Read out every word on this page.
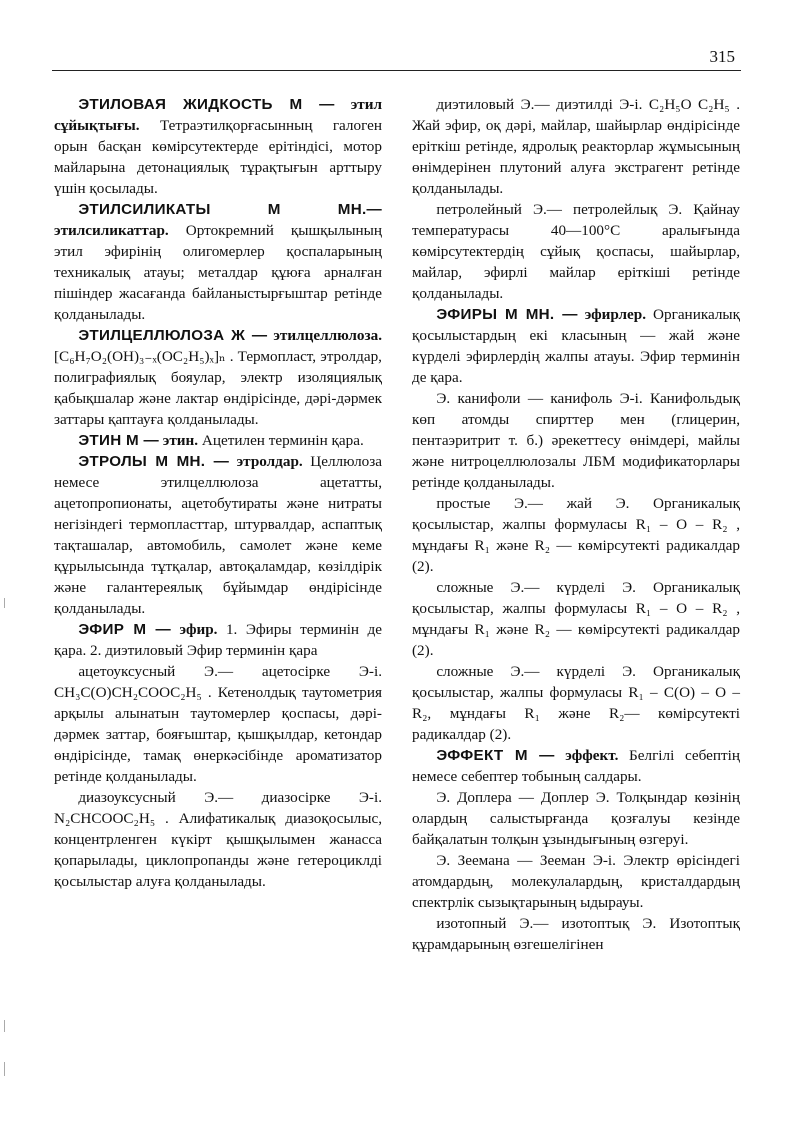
315

ЭТИЛОВАЯ ЖИДКОСТЬ М — этил сұйықтығы. Тетраэтилқорғасынның галоген орын басқан көмірсутектерде ерітіндісі, мотор майларына детонациялық тұрақтығын арттыру үшін қосылады.

ЭТИЛСИЛИКАТЫ М МН.— этилсиликаттар. Ортокремний қышқылының этил эфирінің олигомерлер қоспаларының техникалық атауы; металдар құюға арналған пішіндер жасағанда байланыстырғыштар ретінде қолданылады.

ЭТИЛЦЕЛЛЮЛОЗА Ж — этилцеллюлоза. [C₆H₇O₂(OH)₃₋ₓ(OC₂H₅)ₓ]ₙ . Термопласт, этролдар, полиграфиялық бояулар, электр изоляциялық қабықшалар және лактар өндірісінде, дәрі-дәрмек заттары қаптауға қолданылады.

ЭТИН М — этин. Ацетилен терминін қара.

ЭТРОЛЫ М МН. — этролдар. Целлюлоза немесе этилцеллюлоза ацетатты, ацетопропионаты, ацетобутираты және нитраты негізіндегі термопласттар, штурвалдар, аспаптық тақташалар, автомобиль, самолет және кеме құрылысында тұтқалар, автоқаламдар, көзілдірік және галантереялық бұйымдар өндірісінде қолданылады.

ЭФИР М — эфир. 1. Эфиры терминін де қара. 2. диэтиловый Эфир терминін қара

ацетоуксусный Э.— ацетосірке Э-і. CH₃C(O)CH₂COOC₂H₅ . Кетенолдық таутометрия арқылы алынатын таутомерлер қоспасы, дәрі-дәрмек заттар, бояғыштар, қышқылдар, кетондар өндірісінде, тамақ өнеркәсібінде ароматизатор ретінде қолданылады.

диазоуксусный Э.— диазосірке Э-і. N₂CHCOOC₂H₅ . Алифатикалық диазоқосылыс, концентрленген күкірт қышқылымен жанасса қопарылады, циклопропанды және гетероциклді қосылыстар алуға қолданылады.

диэтиловый Э.— диэтилді Э-і. C₂H₅O C₂H₅ . Жай эфир, оқ дәрі, майлар, шайырлар өндірісінде еріткіш ретінде, ядролық реакторлар жұмысының өнімдерінен плутоний алуға экстрагент ретінде қолданылады.

петролейный Э.— петролейлық Э. Қайнау температурасы 40—100°С аралығында көмірсутектердің сұйық қоспасы, шайырлар, майлар, эфирлі майлар еріткіші ретінде қолданылады.

ЭФИРЫ М МН. — эфирлер. Органикалық қосылыстардың екі класының — жай және күрделі эфирлердің жалпы атауы. Эфир терминін де қара.

Э. канифоли — канифоль Э-і. Канифольдық көп атомды спирттер мен (глицерин, пентаэритрит т. б.) әрекеттесу өнімдері, майлы және нитроцеллюлозалы ЛБМ модификаторлары ретінде қолданылады.

простые Э.— жай Э. Органикалық қосылыстар, жалпы формуласы R₁ – O – R₂ , мұндағы R₁ және R₂ — көмірсутекті радикалдар (2).

сложные Э.— күрделі Э. Органикалық қосылыстар, жалпы формуласы R₁ – O – R₂ , мұндағы R₁ және R₂ — көмірсутекті радикалдар (2).

сложные Э.— күрделі Э. Органикалық қосылыстар, жалпы формуласы R₁ – C(O) – O – R₂, мұндағы R₁ және R₂— көмірсутекті радикалдар (2).

ЭФФЕКТ М — эффект. Белгілі себептің немесе себептер тобының салдары.

Э. Доплера — Доплер Э. Толқындар көзінің олардың салыстырғанда қозғалуы кезінде байқалатын толқын ұзындығының өзгеруі.

Э. Зеемана — Зееман Э-і. Электр өрісіндегі атомдардың, молекулалардың, кристалдардың спектрлік сызықтарының ыдырауы.

изотопный Э.— изотоптық Э. Изотоптық құрамдарының өзгешелігінен
